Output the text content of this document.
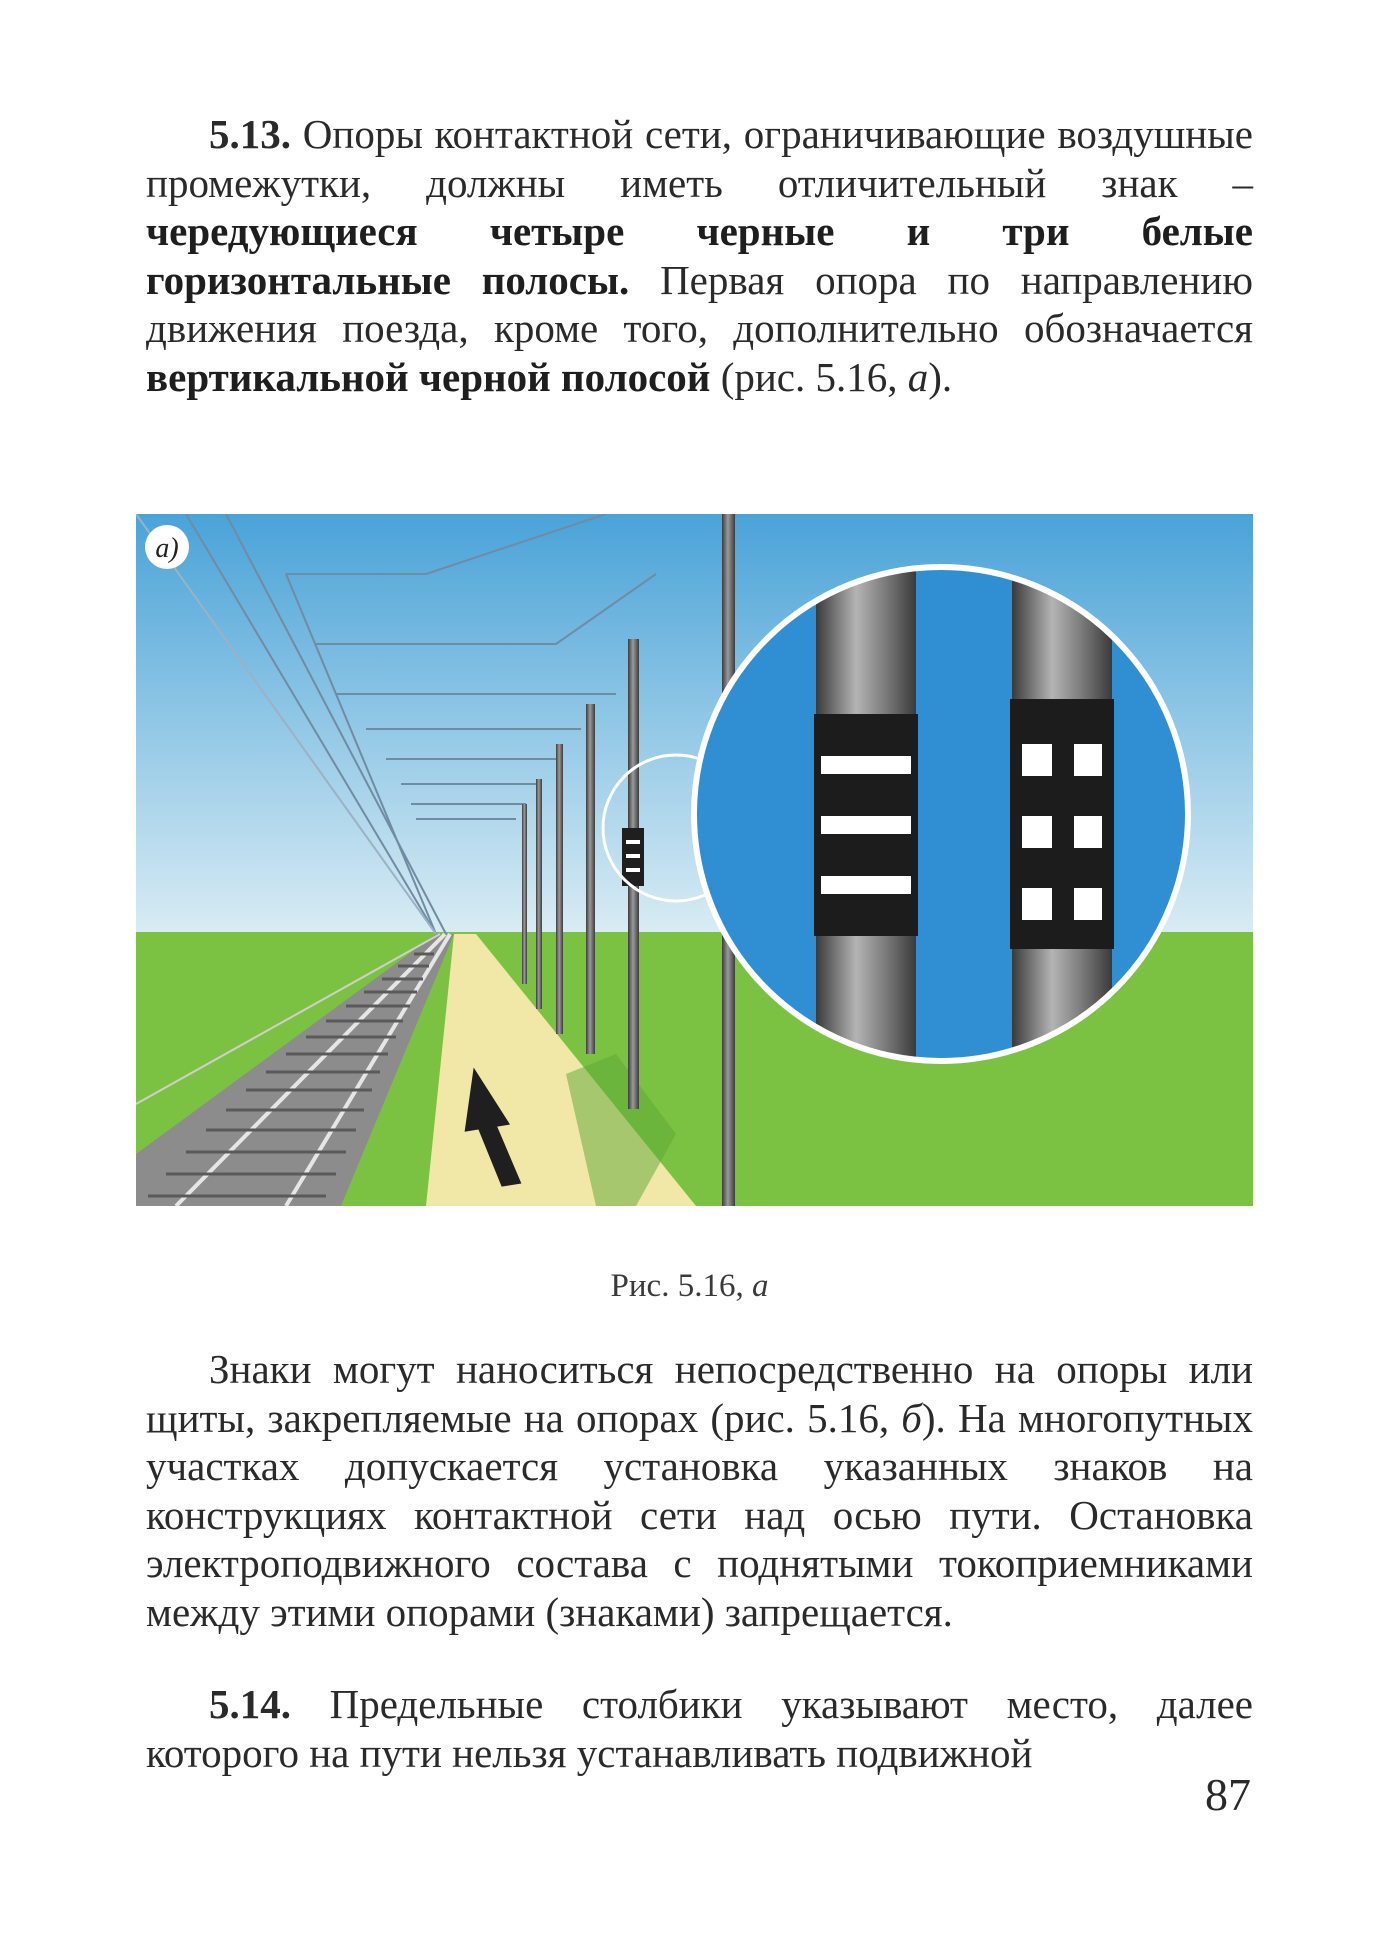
5.13. Опоры контактной сети, ограничивающие воздушные промежутки, должны иметь отличительный знак – чередующиеся четыре черные и три белые горизонтальные полосы. Первая опора по направлению движения поезда, кроме того, дополнительно обозначается вертикальной черной полосой (рис. 5.16, а).

а)
Рис. 5.16, а

Знаки могут наноситься непосредственно на опоры или щиты, закрепляемые на опорах (рис. 5.16, б). На многопутных участках допускается установка указанных знаков на конструкциях контактной сети над осью пути. Остановка электроподвижного состава с поднятыми токоприемниками между этими опорами (знаками) запрещается.

5.14. Предельные столбики указывают место, далее которого на пути нельзя устанавливать подвижной

87
